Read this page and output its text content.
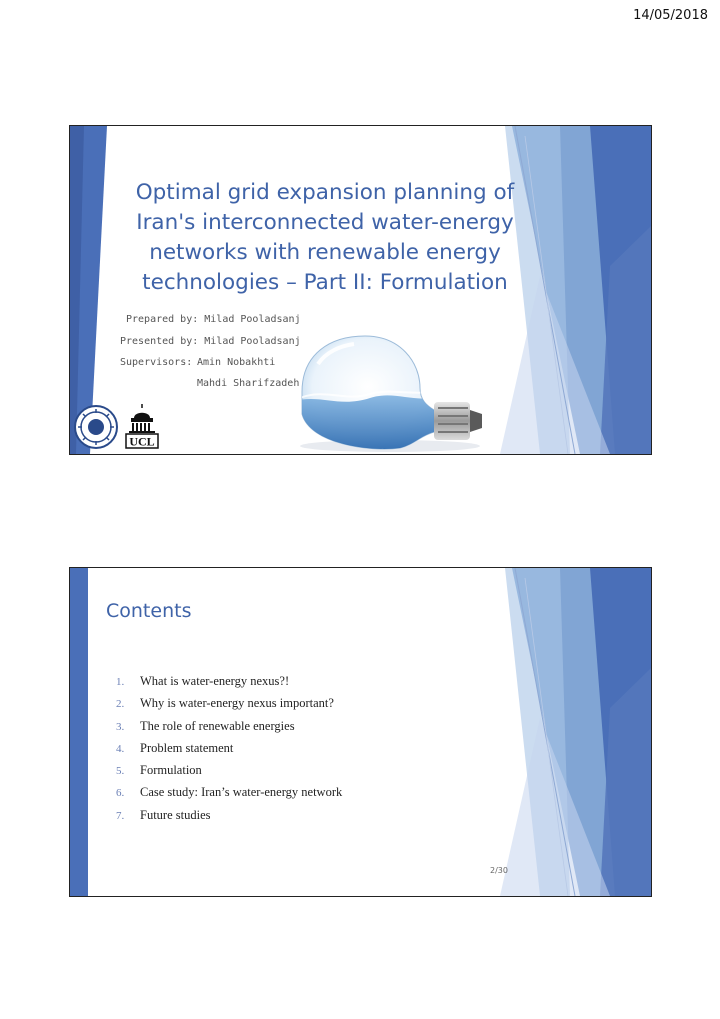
14/05/2018
Optimal grid expansion planning of
Iran's interconnected water-energy
networks with renewable energy
technologies – Part II: Formulation
Prepared by: Milad Pooladsanj
Presented by: Milad Pooladsanj
Supervisors: Amin Nobakhti
Mahdi Sharifzadeh
UCL
Contents
1.	What is water-energy nexus?!
2.	Why is water-energy nexus important?
3.	The role of renewable energies
4.	Problem statement
5.	Formulation
6.	Case study: Iran’s water-energy network
7.	Future studies
2/30
